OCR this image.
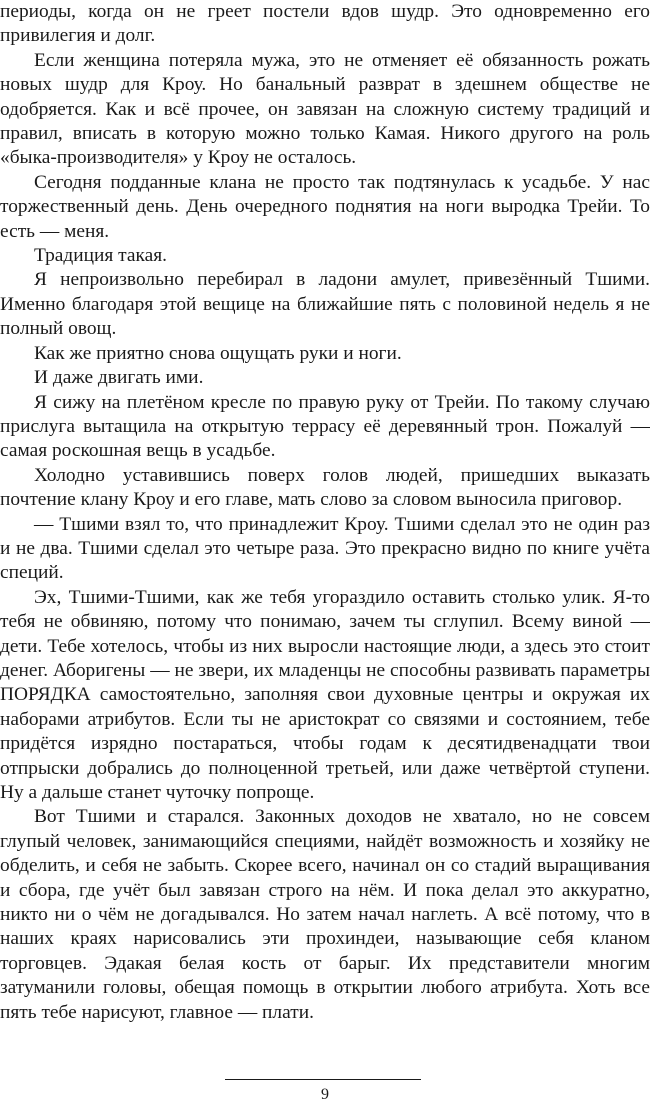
периоды, когда он не греет постели вдов шудр. Это одновременно его привилегия и долг.

Если женщина потеряла мужа, это не отменяет её обязанность рожать новых шудр для Кроу. Но банальный разврат в здешнем обществе не одобряется. Как и всё прочее, он завязан на сложную систему традиций и правил, вписать в которую можно только Камая. Никого другого на роль «быка-производителя» у Кроу не осталось.

Сегодня подданные клана не просто так подтянулась к усадьбе. У нас торжественный день. День очередного поднятия на ноги выродка Трейи. То есть — меня.

Традиция такая.

Я непроизвольно перебирал в ладони амулет, привезённый Тшими. Именно благодаря этой вещице на ближайшие пять с половиной недель я не полный овощ.

Как же приятно снова ощущать руки и ноги.

И даже двигать ими.

Я сижу на плетёном кресле по правую руку от Трейи. По такому случаю прислуга вытащила на открытую террасу её деревянный трон. Пожалуй — самая роскошная вещь в усадьбе.

Холодно уставившись поверх голов людей, пришедших выказать почтение клану Кроу и его главе, мать слово за словом выносила приговор.

— Тшими взял то, что принадлежит Кроу. Тшими сделал это не один раз и не два. Тшими сделал это четыре раза. Это прекрасно видно по книге учёта специй.

Эх, Тшими-Тшими, как же тебя угораздило оставить столько улик. Я-то тебя не обвиняю, потому что понимаю, зачем ты сглупил. Всему виной — дети. Тебе хотелось, чтобы из них выросли настоящие люди, а здесь это стоит денег. Аборигены — не звери, их младенцы не способны развивать параметры ПОРЯДКА самостоятельно, заполняя свои духовные центры и окружая их наборами атрибутов. Если ты не аристократ со связями и состоянием, тебе придётся изрядно постараться, чтобы годам к десятидвенадцати твои отпрыски добрались до полноценной третьей, или даже четвёртой ступени. Ну а дальше станет чуточку попроще.

Вот Тшими и старался. Законных доходов не хватало, но не совсем глупый человек, занимающийся специями, найдёт возможность и хозяйку не обделить, и себя не забыть. Скорее всего, начинал он со стадий выращивания и сбора, где учёт был завязан строго на нём. И пока делал это аккуратно, никто ни о чём не догадывался. Но затем начал наглеть. А всё потому, что в наших краях нарисовались эти прохиндеи, называющие себя кланом торговцев. Эдакая белая кость от барыг. Их представители многим затуманили головы, обещая помощь в открытии любого атрибута. Хоть все пять тебе нарисуют, главное — плати.

9
